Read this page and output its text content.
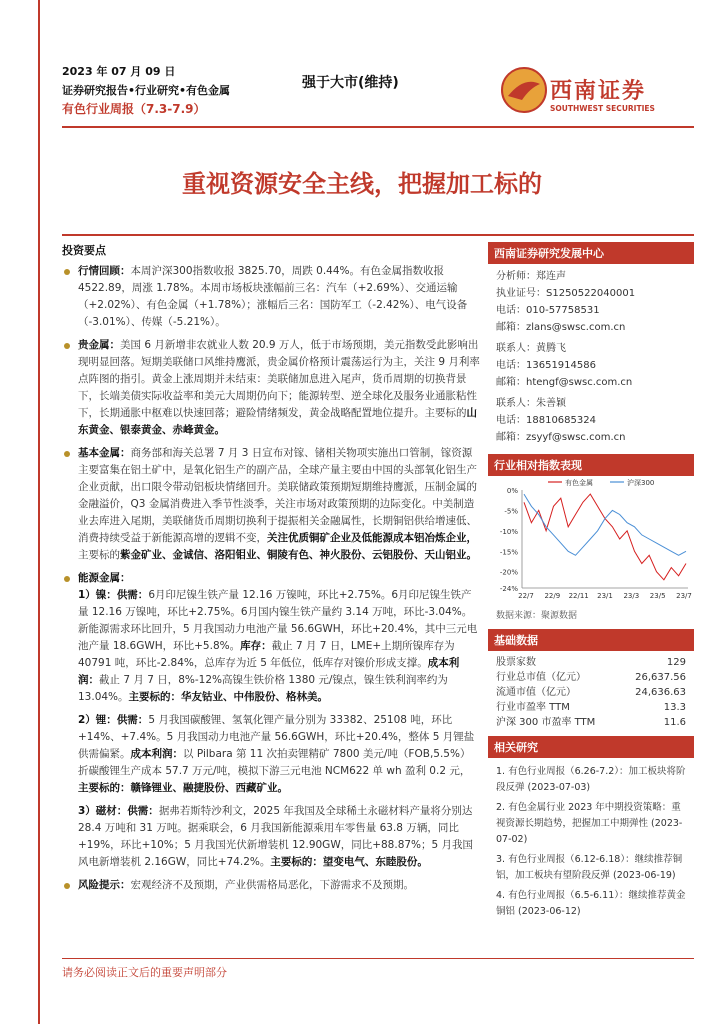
2023 年 07 月 09 日
证券研究报告•行业研究•有色金属
有色行业周报（7.3-7.9）
强于大市(维持)	西南证券
SOUTHWEST SECURITIES
重视资源安全主线，把握加工标的
投资要点
行情回顾：本周沪深300指数收报 3825.70，周跌 0.44%。有色金属指数收报 4522.89，周涨 1.78%。本周市场板块涨幅前三名：汽车（+2.69%）、交通运输（+2.02%）、有色金属（+1.78%）；涨幅后三名：国防军工（-2.42%）、电气设备（-3.01%）、传媒（-5.21%）。
贵金属：美国 6 月新增非农就业人数 20.9 万人，低于市场预期，美元指数受此影响出现明显回落。短期美联储口风维持鹰派，贵金属价格预计震荡运行为主，关注 9 月利率点阵图的指引。黄金上涨周期并未结束：美联储加息进入尾声，货币周期的切换背景下，长端美债实际收益率和美元大周期仍向下；能源转型、逆全球化及服务业通胀粘性下，长期通胀中枢难以快速回落；避险情绪频发，黄金战略配置地位提升。主要标的山东黄金、银泰黄金、赤峰黄金。
基本金属：商务部和海关总署 7 月 3 日宣布对镓、锗相关物项实施出口管制，镓资源主要富集在铝土矿中，是氧化铝生产的副产品，全球产量主要由中国的头部氧化铝生产企业贡献，出口限令带动铝板块情绪回升。美联储政策预期短期维持鹰派，压制金属的金融溢价，Q3 金属消费进入季节性淡季，关注市场对政策预期的边际变化。中美制造业去库进入尾期，美联储货币周期切换利于提振相关金融属性，长期铜铝供给增速低、消费持续受益于新能源高增的逻辑不变，关注优质铜矿企业及低能源成本铝冶炼企业，主要标的紫金矿业、金诚信、洛阳钼业、铜陵有色、神火股份、云铝股份、天山铝业。
能源金属：
1）镍：供需：6月印尼镍生铁产量 12.16 万镍吨，环比+2.75%。6月印尼镍生铁产量 12.16 万镍吨，环比+2.75%。6月国内镍生铁产量约 3.14 万吨，环比-3.04%。新能源需求环比回升，5 月我国动力电池产量 56.6GWH，环比+20.4%，其中三元电池产量 18.6GWH，环比+5.8%。库存：截止 7 月 7 日，LME+上期所镍库存为 40791 吨，环比-2.84%，总库存为近 5 年低位，低库存对镍价形成支撑。成本利润：截止 7 月 7 日，8%-12%高镍生铁价格 1380 元/镍点，镍生铁利润率约为 13.04%。主要标的：华友钴业、中伟股份、格林美。
2）锂：供需：5 月我国碳酸锂、氢氧化锂产量分别为 33382、25108 吨，环比+14%、+7.4%。5 月我国动力电池产量 56.6GWH，环比+20.4%，整体 5 月锂盐供需偏紧。成本利润：以 Pilbara 第 11 次拍卖锂精矿 7800 美元/吨（FOB,5.5%）折碳酸锂生产成本 57.7 万元/吨，模拟下游三元电池 NCM622 单 wh 盈利 0.2 元，主要标的：赣锋锂业、融捷股份、西藏矿业。
3）磁材：供需：据弗若斯特沙利文，2025 年我国及全球稀土永磁材料产量将分别达 28.4 万吨和 31 万吨。据乘联会，6 月我国新能源乘用车零售量 63.8 万辆，同比+19%，环比+10%；5 月我国光伏新增装机 12.90GW，同比+88.87%；5 月我国风电新增装机 2.16GW，同比+74.2%。主要标的：望变电气、东睦股份。
风险提示：宏观经济不及预期，产业供需格局恶化，下游需求不及预期。
西南证券研究发展中心
分析师：郑连声
执业证号：S1250522040001
电话：010-57758531
邮箱：zlans@swsc.com.cn
联系人：黄腾飞
电话：13651914586
邮箱：htengf@swsc.com.cn
联系人：朱善颖
电话：18810685324
邮箱：zsyyf@swsc.com.cn
行业相对指数表现
0%
-5%
-10%
-15%
-20%
-24%
22/7 22/9 22/11 23/1 23/3 23/5 23/7
有色金属	沪深300
数据来源：聚源数据
基础数据
股票家数	129
行业总市值（亿元）	26,637.56
流通市值（亿元）	24,636.63
行业市盈率 TTM	13.3
沪深 300 市盈率 TTM	11.6
相关研究
1. 有色行业周报（6.26-7.2）：加工板块将阶段反弹 (2023-07-03)
2. 有色金属行业 2023 年中期投资策略：重视资源长期趋势，把握加工中期弹性 (2023-07-02)
3. 有色行业周报（6.12-6.18）：继续推荐铜铝，加工板块有望阶段反弹 (2023-06-19)
4. 有色行业周报（6.5-6.11）：继续推荐黄金铜铝 (2023-06-12)
请务必阅读正文后的重要声明部分
